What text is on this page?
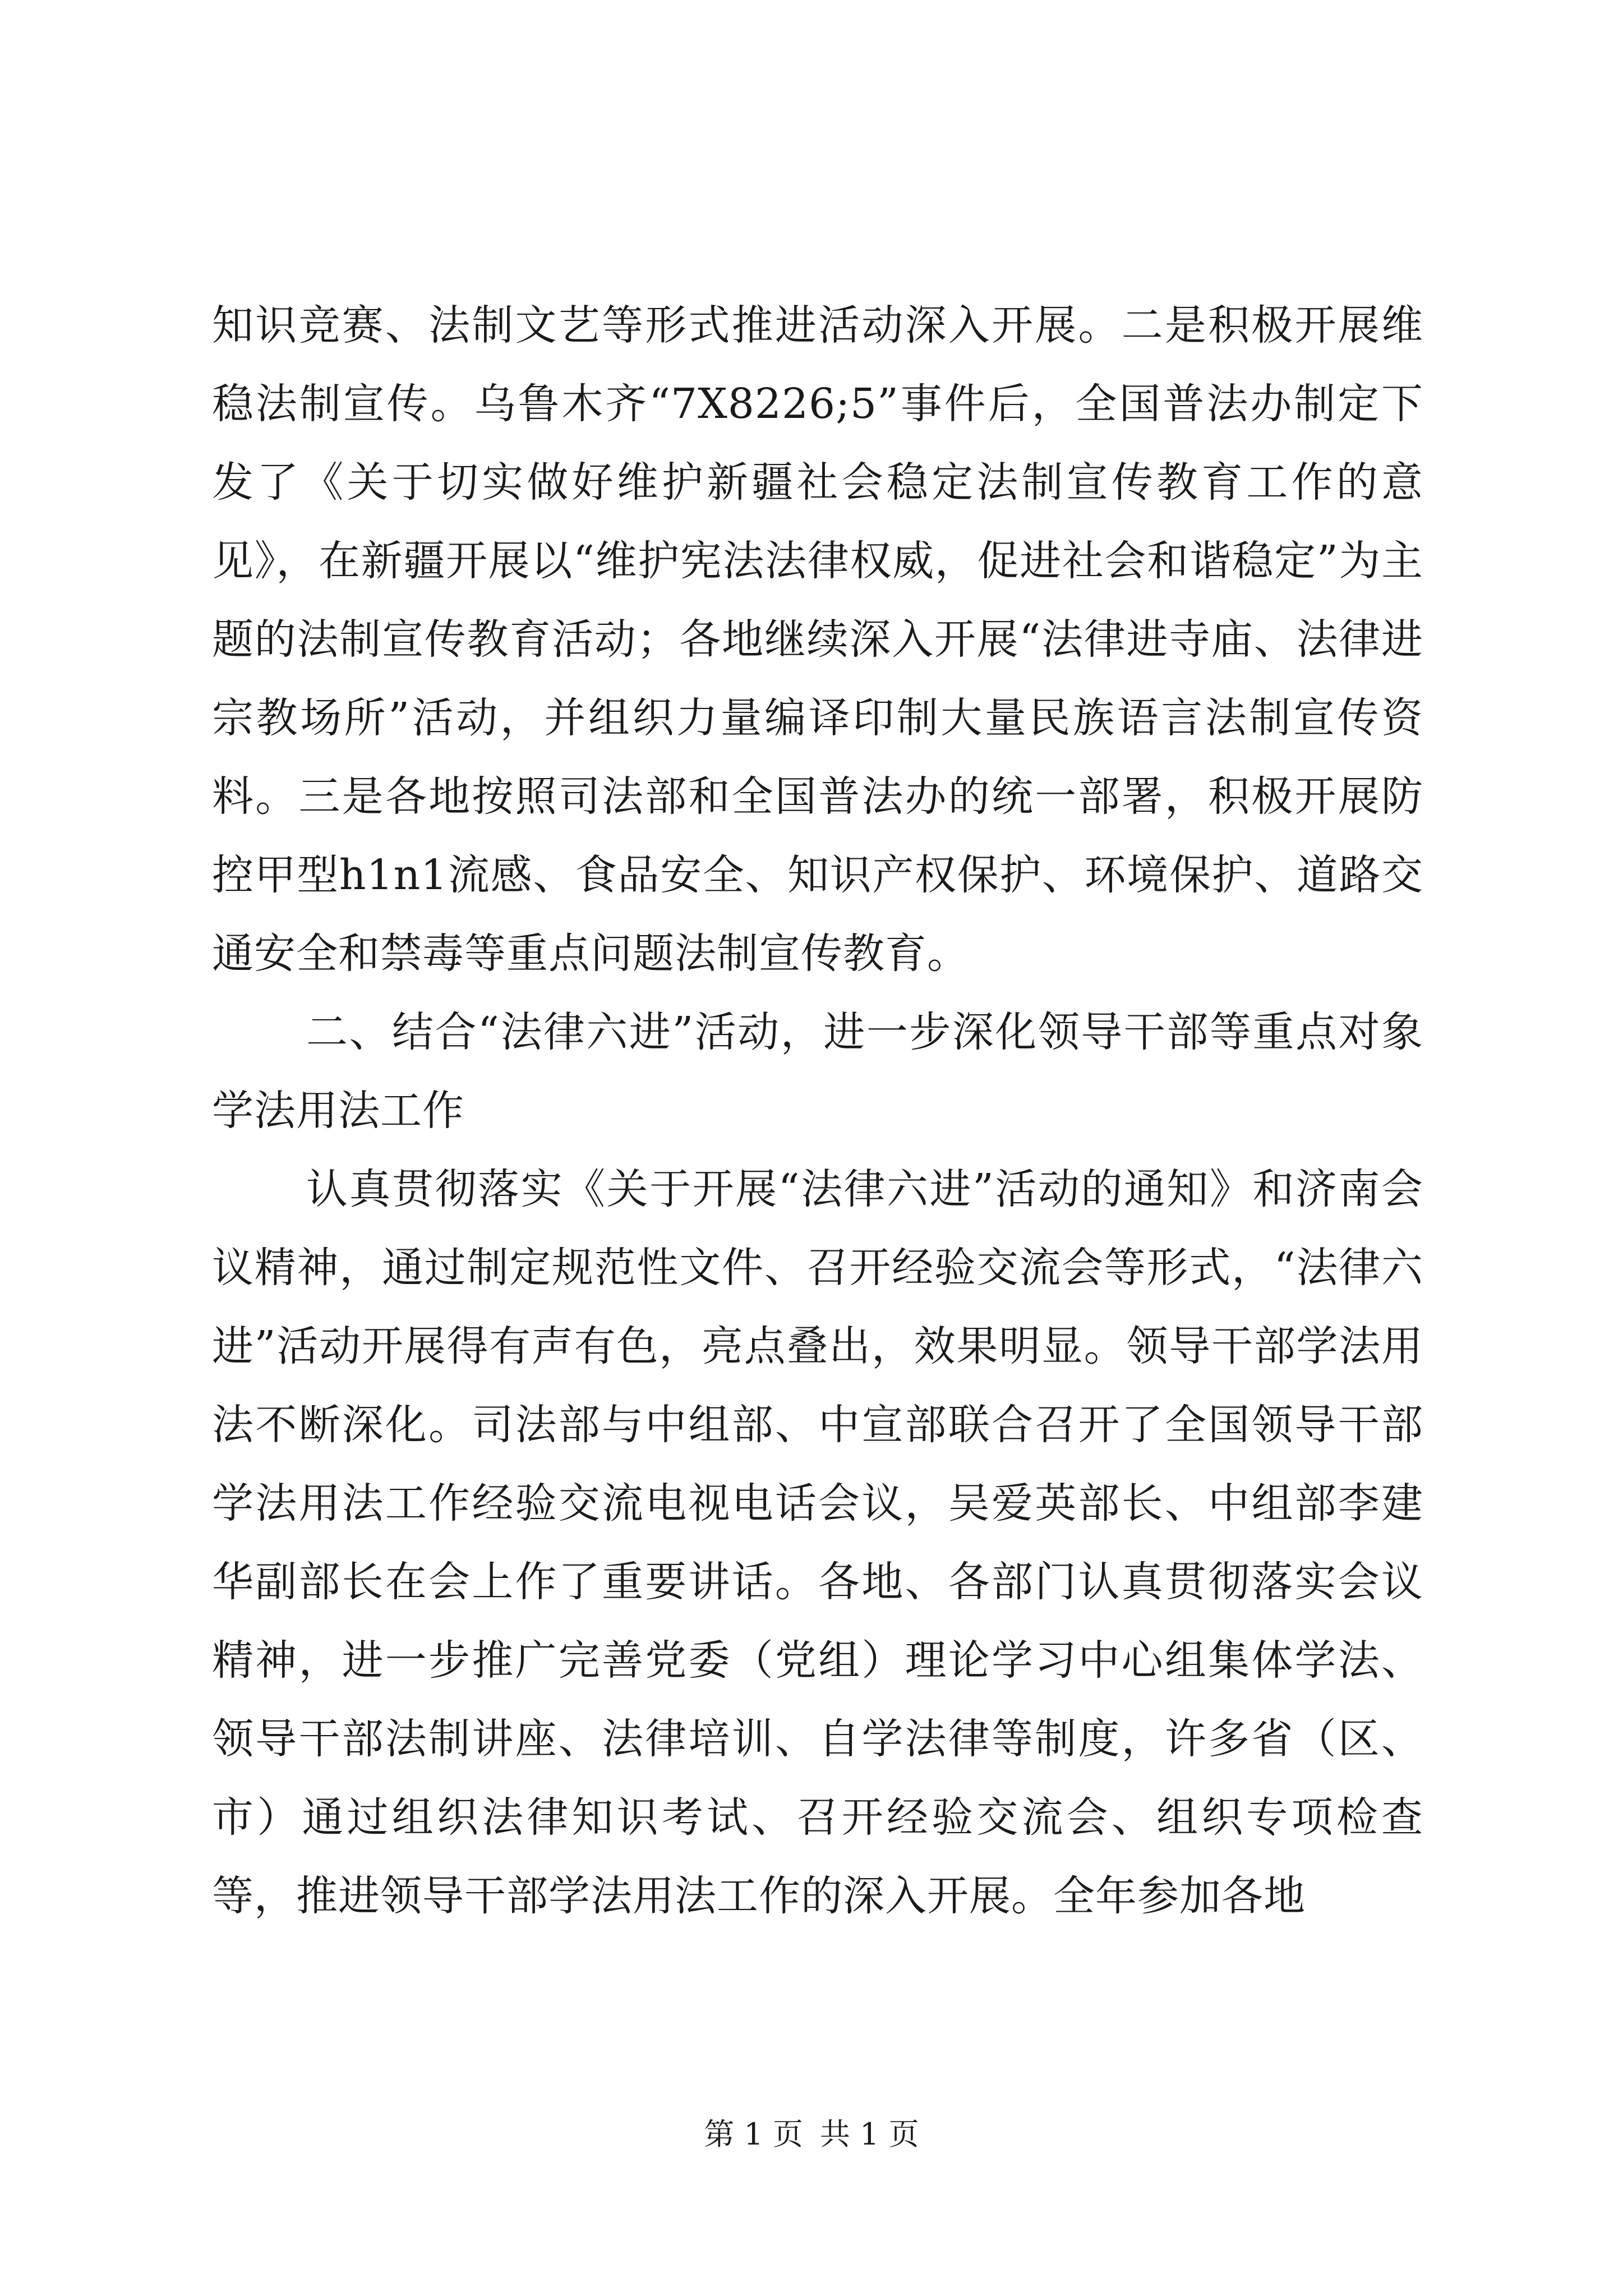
知识竞赛、法制文艺等形式推进活动深入开展。二是积极开展维稳法制宣传。乌鲁木齐“7X8226;5”事件后，全国普法办制定下发了《关于切实做好维护新疆社会稳定法制宣传教育工作的意见》，在新疆开展以“维护宪法法律权威，促进社会和谐稳定”为主题的法制宣传教育活动；各地继续深入开展“法律进寺庙、法律进宗教场所”活动，并组织力量编译印制大量民族语言法制宣传资料。三是各地按照司法部和全国普法办的统一部署，积极开展防控甲型h1n1流感、食品安全、知识产权保护、环境保护、道路交通安全和禁毒等重点问题法制宣传教育。

二、结合“法律六进”活动，进一步深化领导干部等重点对象学法用法工作

认真贯彻落实《关于开展“法律六进”活动的通知》和济南会议精神，通过制定规范性文件、召开经验交流会等形式，“法律六进”活动开展得有声有色，亮点叠出，效果明显。领导干部学法用法不断深化。司法部与中组部、中宣部联合召开了全国领导干部学法用法工作经验交流电视电话会议，吴爱英部长、中组部李建华副部长在会上作了重要讲话。各地、各部门认真贯彻落实会议精神，进一步推广完善党委（党组）理论学习中心组集体学法、领导干部法制讲座、法律培训、自学法律等制度，许多省（区、市）通过组织法律知识考试、召开经验交流会、组织专项检查等，推进领导干部学法用法工作的深入开展。全年参加各地

第 1 页 共 1 页
